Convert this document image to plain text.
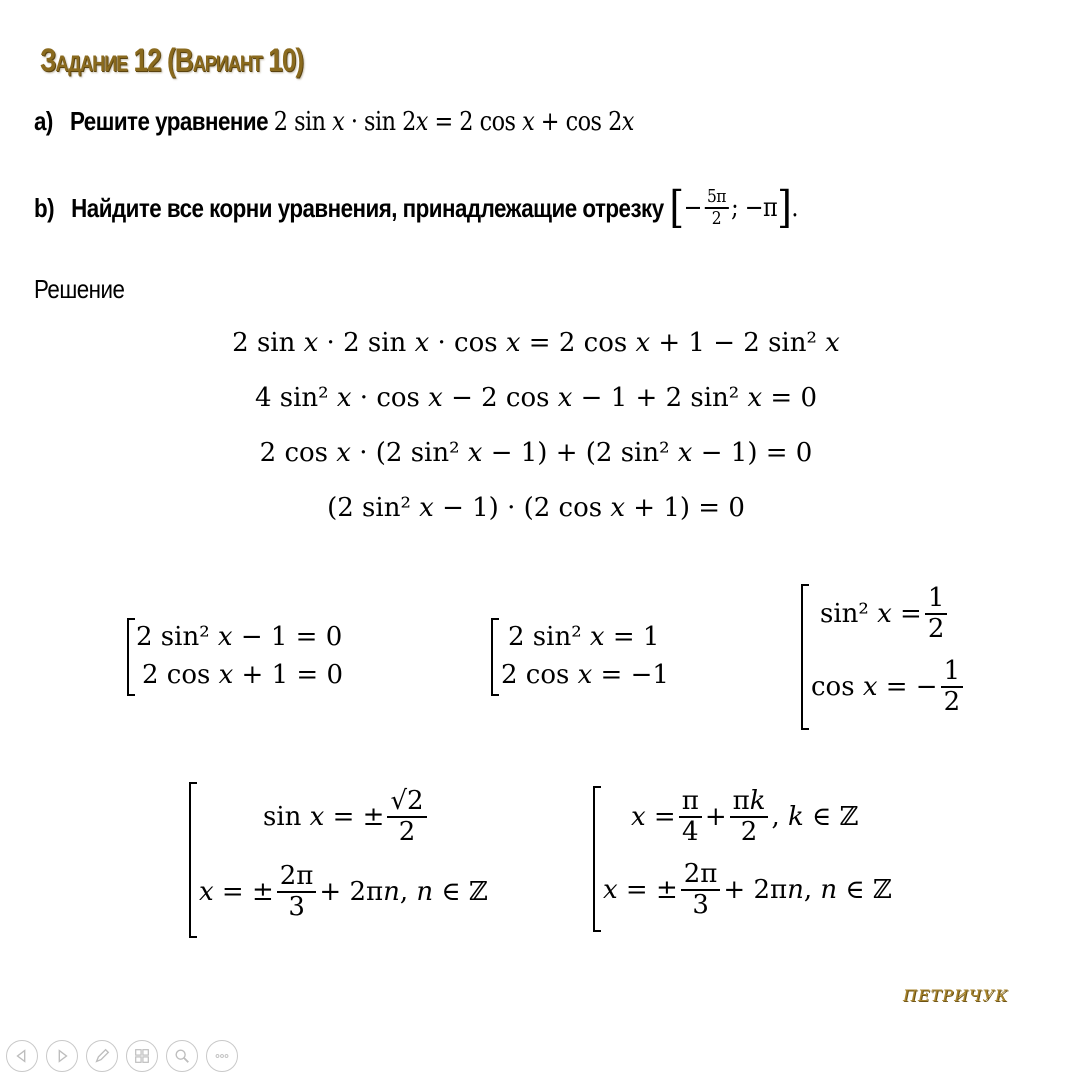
Задание 12 (Вариант 10)
a) Решите уравнение 2 sin 𝑥 · sin 2𝑥 = 2 cos 𝑥 + cos 2𝑥
b)
Найдите все корни уравнения, принадлежащие отрезку
[ − $\frac{5\pi}{2}$ ; −π ] .
Решение
2 sin 𝑥 · 2 sin 𝑥 · cos 𝑥 = 2 cos 𝑥 + 1 − 2 sin² 𝑥
4 sin² 𝑥 · cos 𝑥 − 2 cos 𝑥 − 1 + 2 sin² 𝑥 = 0
2 cos 𝑥 · (2 sin² 𝑥 − 1) + (2 sin² 𝑥 − 1) = 0
(2 sin² 𝑥 − 1) · (2 cos 𝑥 + 1) = 0
2 sin² 𝑥 − 1 = 0
2 cos 𝑥 + 1 = 0
2 sin² 𝑥 = 1
2 cos 𝑥 = −1
sin² 𝑥 = $\frac{1}{2}$
cos 𝑥 = − $\frac{1}{2}$
sin 𝑥 = ± $\frac{√2}{2}$
𝑥 = ± $\frac{2\pi}{3}$ + 2π𝑛, 𝑛 ∈ ℤ
𝑥 = $\frac{\pi}{4} + \frac{\text{π𝑘}}{2}$ , 𝑘 ∈ ℤ
𝑥 = ± $\frac{2\pi}{3}$ + 2π𝑛, 𝑛 ∈ ℤ
ПЕТРИЧУК
